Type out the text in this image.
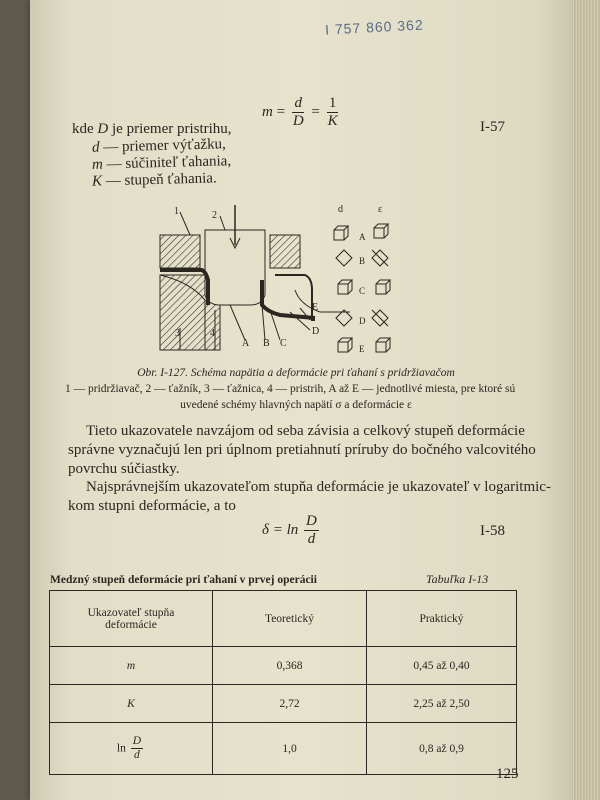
I 757 860 362
$m = \frac{d}{D} = \frac{1}{K}$	I-57
kde D je priemer pristrihu,
d — priemer výťažku,
m — súčiniteľ ťahania,
K — stupeň ťahania.
1	2
3	4
A B C
D
E
d	ε
A
B
C
D
E
Obr. I-127. Schéma napätia a deformácie pri ťahaní s pridržiavačom
1 — pridržiavač, 2 — ťažník, 3 — ťažnica, 4 — pristrih, A až E — jednotlivé miesta, pre ktoré sú
uvedené schémy hlavných napätí σ a deformácie ε
Tieto ukazovatele navzájom od seba závisia a celkový stupeň deformácie
správne vyznačujú len pri úplnom pretiahnutí príruby do bočného valcovitého
povrchu súčiastky.
Najsprávnejším ukazovateľom stupňa deformácie je ukazovateľ v logaritmic-
kom stupni deformácie, a to
$\delta = \ln \frac{D}{d}$	I-58
Medzný stupeň deformácie pri ťahaní v prvej operácii	Tabuľka I-13
Ukazovateľ stupňa
deformácie	Teoretický	Praktický
m	0,368	0,45 až 0,40
K	2,72	2,25 až 2,50
$\ln \frac{D}{d}$	1,0	0,8 až 0,9
125
